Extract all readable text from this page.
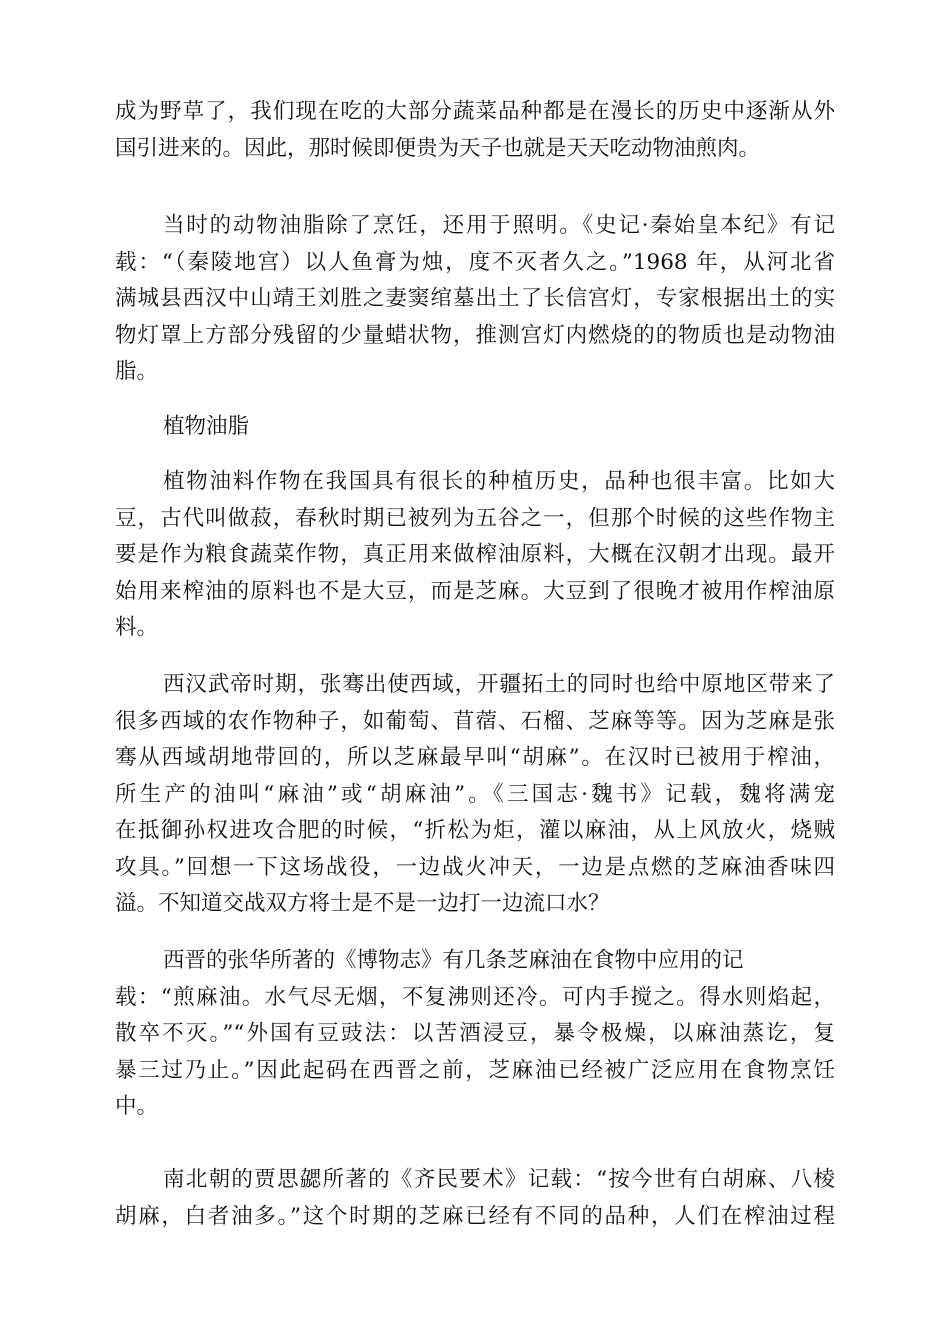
成为野草了，我们现在吃的大部分蔬菜品种都是在漫长的历史中逐渐从外
国引进来的。因此，那时候即便贵为天子也就是天天吃动物油煎肉。
当时的动物油脂除了烹饪，还用于照明。《史记·秦始皇本纪》有记
载：“（秦陵地宫）以人鱼膏为烛，度不灭者久之。”1968 年，从河北省
满城县西汉中山靖王刘胜之妻窦绾墓出土了长信宫灯，专家根据出土的实
物灯罩上方部分残留的少量蜡状物，推测宫灯内燃烧的的物质也是动物油
脂。
植物油脂
植物油料作物在我国具有很长的种植历史，品种也很丰富。比如大
豆，古代叫做菽，春秋时期已被列为五谷之一，但那个时候的这些作物主
要是作为粮食蔬菜作物，真正用来做榨油原料，大概在汉朝才出现。最开
始用来榨油的原料也不是大豆，而是芝麻。大豆到了很晚才被用作榨油原
料。
西汉武帝时期，张骞出使西域，开疆拓土的同时也给中原地区带来了
很多西域的农作物种子，如葡萄、苜蓿、石榴、芝麻等等。因为芝麻是张
骞从西域胡地带回的，所以芝麻最早叫“胡麻”。在汉时已被用于榨油，
所生产的油叫“麻油”或“胡麻油”。《三国志·魏书》记载，魏将满宠
在抵御孙权进攻合肥的时候，“折松为炬，灌以麻油，从上风放火，烧贼
攻具。”回想一下这场战役，一边战火冲天，一边是点燃的芝麻油香味四
溢。不知道交战双方将士是不是一边打一边流口水？
西晋的张华所著的《博物志》有几条芝麻油在食物中应用的记
载：“煎麻油。水气尽无烟，不复沸则还冷。可内手搅之。得水则焰起，
散卒不灭。”“外国有豆豉法：以苦酒浸豆，暴令极燥，以麻油蒸讫，复
暴三过乃止。”因此起码在西晋之前，芝麻油已经被广泛应用在食物烹饪
中。
南北朝的贾思勰所著的《齐民要术》记载：“按今世有白胡麻、八棱
胡麻，白者油多。”这个时期的芝麻已经有不同的品种，人们在榨油过程
